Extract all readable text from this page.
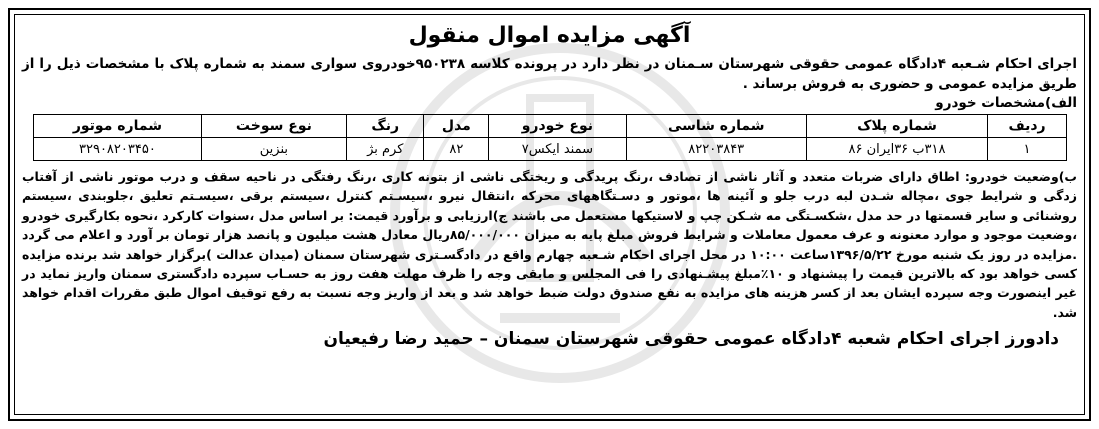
آگهی مزایده اموال منقول

اجرای احکام شـعبه ۴دادگاه عمومی حقوقی شهرستان سـمنان در نظر دارد در پرونده کلاسه ۹۵۰۲۳۸خودروی سواری سمند به شماره پلاک با مشخصات ذیل را از طریق مزایده عمومی و حضوری به فروش برساند .

الف)مشخصات خودرو

ردیف	شماره پلاک	شماره شاسی	نوع خودرو	مدل	رنگ	نوع سوخت	شماره موتور
۱	۳۱۸ب ۳۶ایران ۸۶	۸۲۲۰۳۸۴۳	سمند ایکس۷	۸۲	کرم بژ	بنزین	۳۲۹۰۸۲۰۳۴۵۰

ب)وضعیت خودرو: اطاق دارای ضربات متعدد و آثار ناشی از تصادف ،رنگ پریدگی و ریختگی ناشی از بتونه کاری ،رنگ رفتگی در ناحیه سقف و درب موتور ناشی از آفتاب زدگی و شرایط جوی ،مچاله شـدن لبه درب جلو و آئینه ها ،موتور و دسـتگاههای محرکه ،انتقال نیرو ،سیسـتم کنترل ،سیستم برقی ،سیسـتم تعلیق ،جلوبندی ،سیستم روشنائی و سایر قسمتها در حد مدل ،شکسـتگی مه شـکن چپ و لاستیکها مستعمل می باشند ج)ارزیابی و برآورد قیمت: بر اساس مدل ،سنوات کارکرد ،نحوه بکارگیری خودرو ،وضعیت موجود و موارد معنونه و عرف معمول معاملات و شرایط فروش مبلغ پایه به میزان ۸۵/۰۰۰/۰۰۰ریال معادل هشت میلیون و پانصد هزار تومان بر آورد و اعلام می گردد .مزایده در روز یک شنبه مورخ ۱۳۹۶/۵/۲۲ساعت ۱۰:۰۰ در محل اجرای احکام شـعبه چهارم واقع در دادگسـتری شهرستان سمنان (میدان عدالت )برگزار خواهد شد برنده مزایده کسی خواهد بود که بالاترین قیمت را پیشنهاد و ۱۰٪مبلغ پیشـنهادی را فی المجلس و مابقی وجه را ظرف مهلت هفت روز به حسـاب سپرده دادگستری سمنان واریز نماید در غیر اینصورت وجه سپرده ایشان بعد از کسر هزینه های مزایده به نفع صندوق دولت ضبط خواهد شد و بعد از واریز وجه نسبت به رفع توقیف اموال طبق مقررات اقدام خواهد شد.

دادورز اجرای احکام شعبه ۴دادگاه عمومی حقوقی شهرستان سمنان – حمید رضا رفیعیان
